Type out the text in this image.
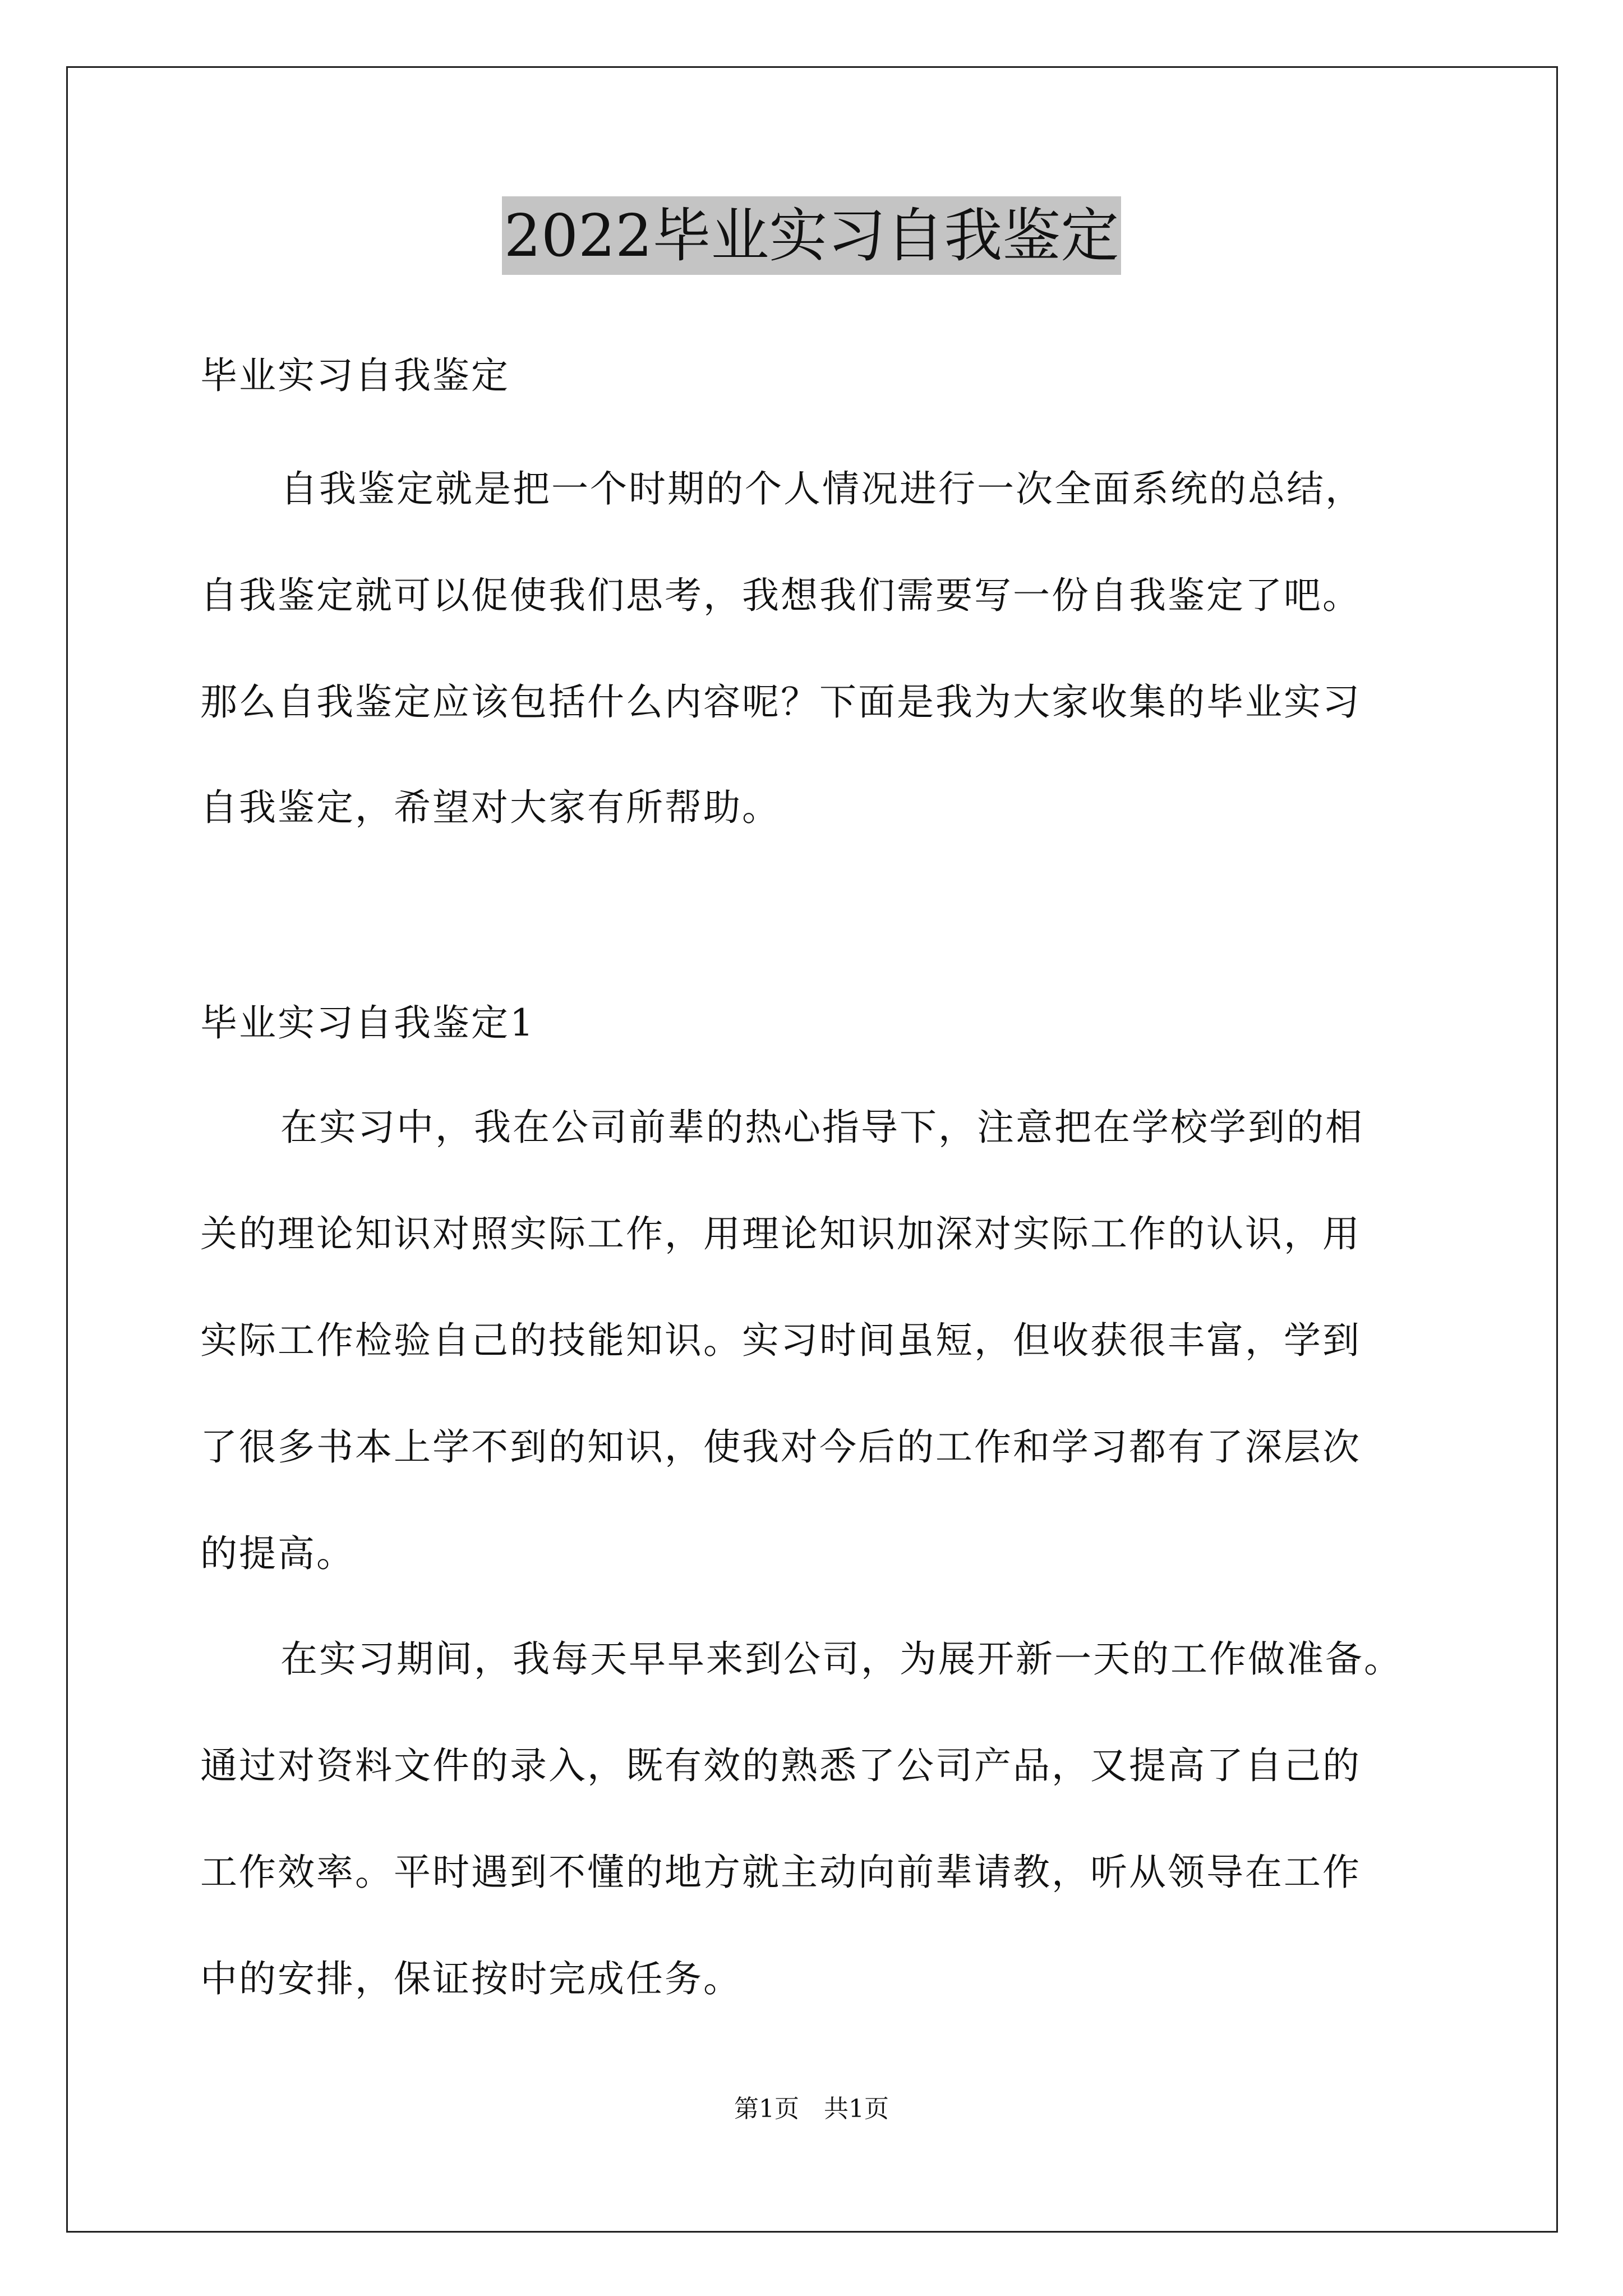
2022毕业实习自我鉴定
毕业实习自我鉴定
自我鉴定就是把一个时期的个人情况进行一次全面系统的总结，
自我鉴定就可以促使我们思考，我想我们需要写一份自我鉴定了吧。
那么自我鉴定应该包括什么内容呢？下面是我为大家收集的毕业实习
自我鉴定，希望对大家有所帮助。
毕业实习自我鉴定1
在实习中，我在公司前辈的热心指导下，注意把在学校学到的相
关的理论知识对照实际工作，用理论知识加深对实际工作的认识，用
实际工作检验自己的技能知识。实习时间虽短，但收获很丰富，学到
了很多书本上学不到的知识，使我对今后的工作和学习都有了深层次
的提高。
在实习期间，我每天早早来到公司，为展开新一天的工作做准备。
通过对资料文件的录入，既有效的熟悉了公司产品，又提高了自己的
工作效率。平时遇到不懂的地方就主动向前辈请教，听从领导在工作
中的安排，保证按时完成任务。
第1页　共1页
